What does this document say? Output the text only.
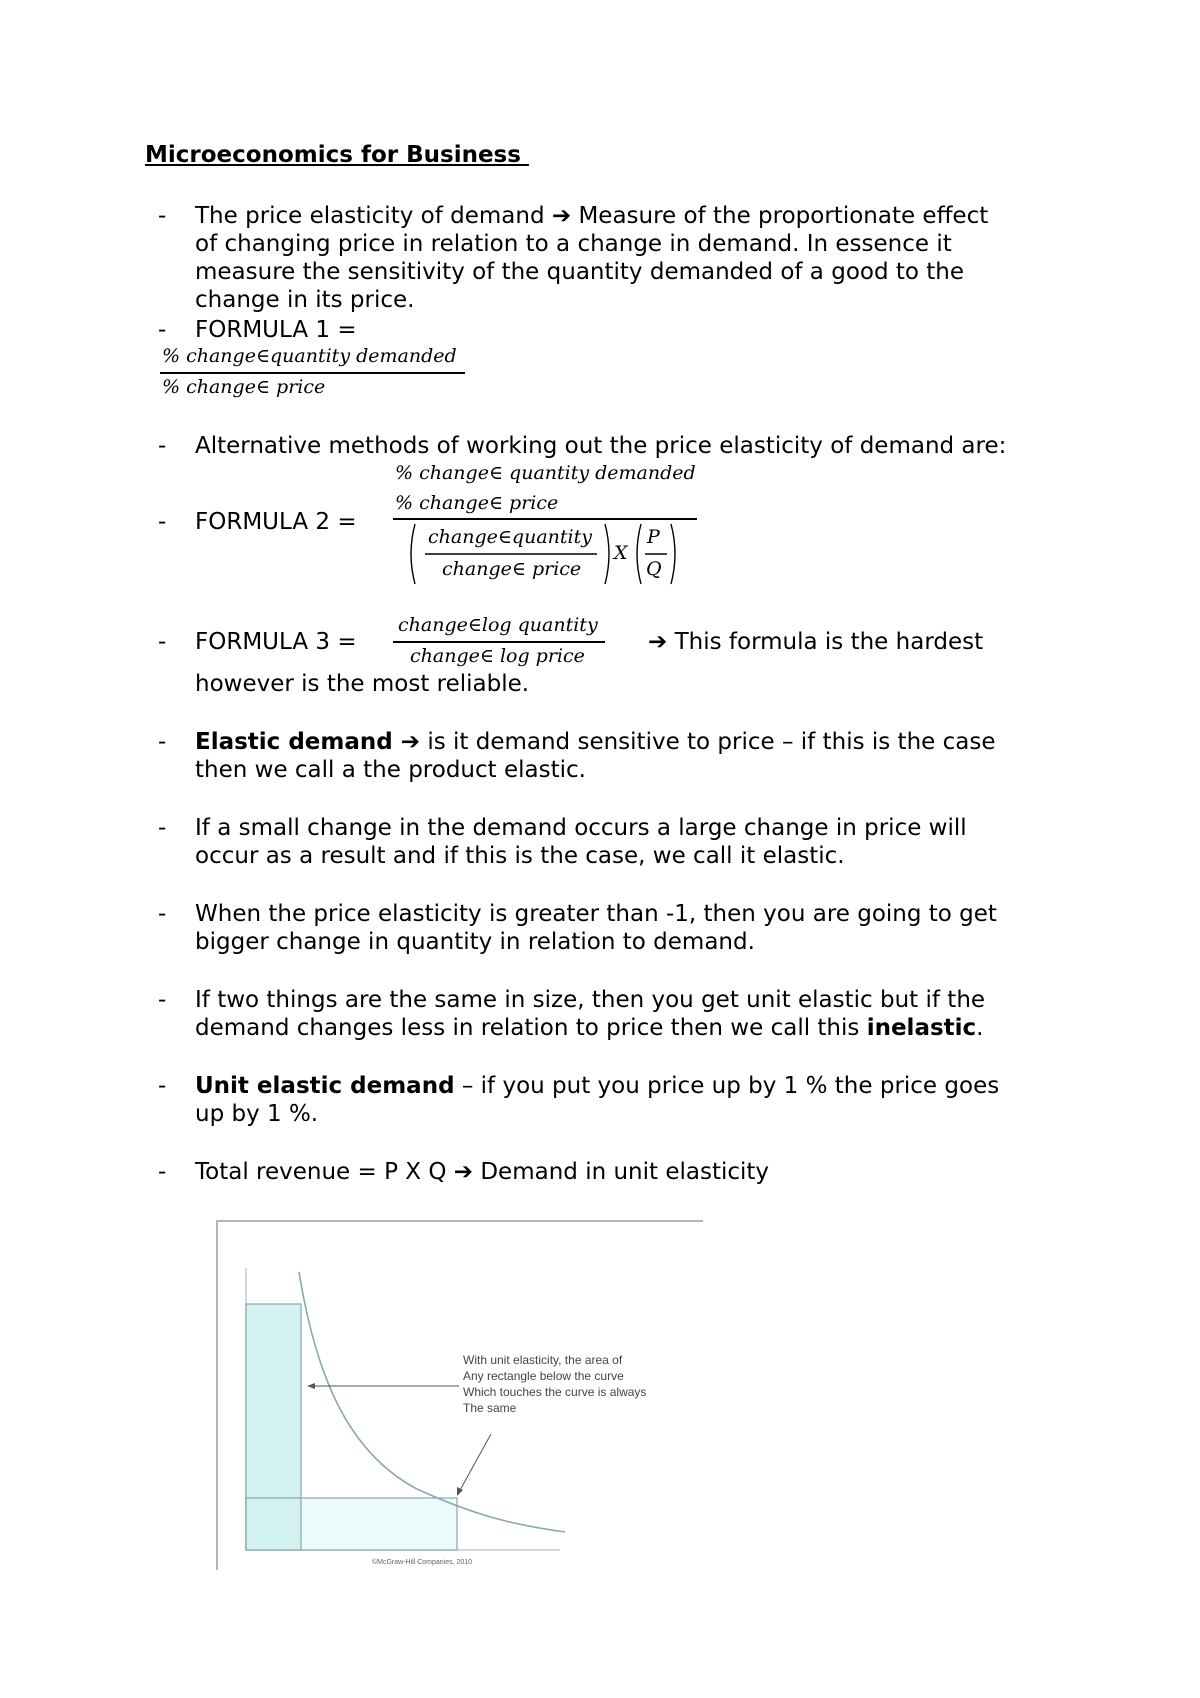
Microeconomics for Business
- The price elasticity of demand ➔ Measure of the proportionate effect
of changing price in relation to a change in demand. In essence it
measure the sensitivity of the quantity demanded of a good to the
change in its price.
- FORMULA 1 =
% change∈quantity demanded
% change∈ price
- Alternative methods of working out the price elasticity of demand are:
% change∈ quantity demanded
% change∈ price
- FORMULA 2 =
change∈quantity
change∈ price
X
P
Q
change∈log quantity
change∈ log price
- FORMULA 3 =	➔ This formula is the hardest
however is the most reliable.
- Elastic demand ➔ is it demand sensitive to price – if this is the case
then we call a the product elastic.
- If a small change in the demand occurs a large change in price will
occur as a result and if this is the case, we call it elastic.
- When the price elasticity is greater than -1, then you are going to get
bigger change in quantity in relation to demand.
- If two things are the same in size, then you get unit elastic but if the
demand changes less in relation to price then we call this inelastic.
- Unit elastic demand – if you put you price up by 1 % the price goes
up by 1 %.
- Total revenue = P X Q ➔ Demand in unit elasticity
With unit elasticity, the area of
Any rectangle below the curve
Which touches the curve is always
The same
©McGraw-Hill Companies, 2010
